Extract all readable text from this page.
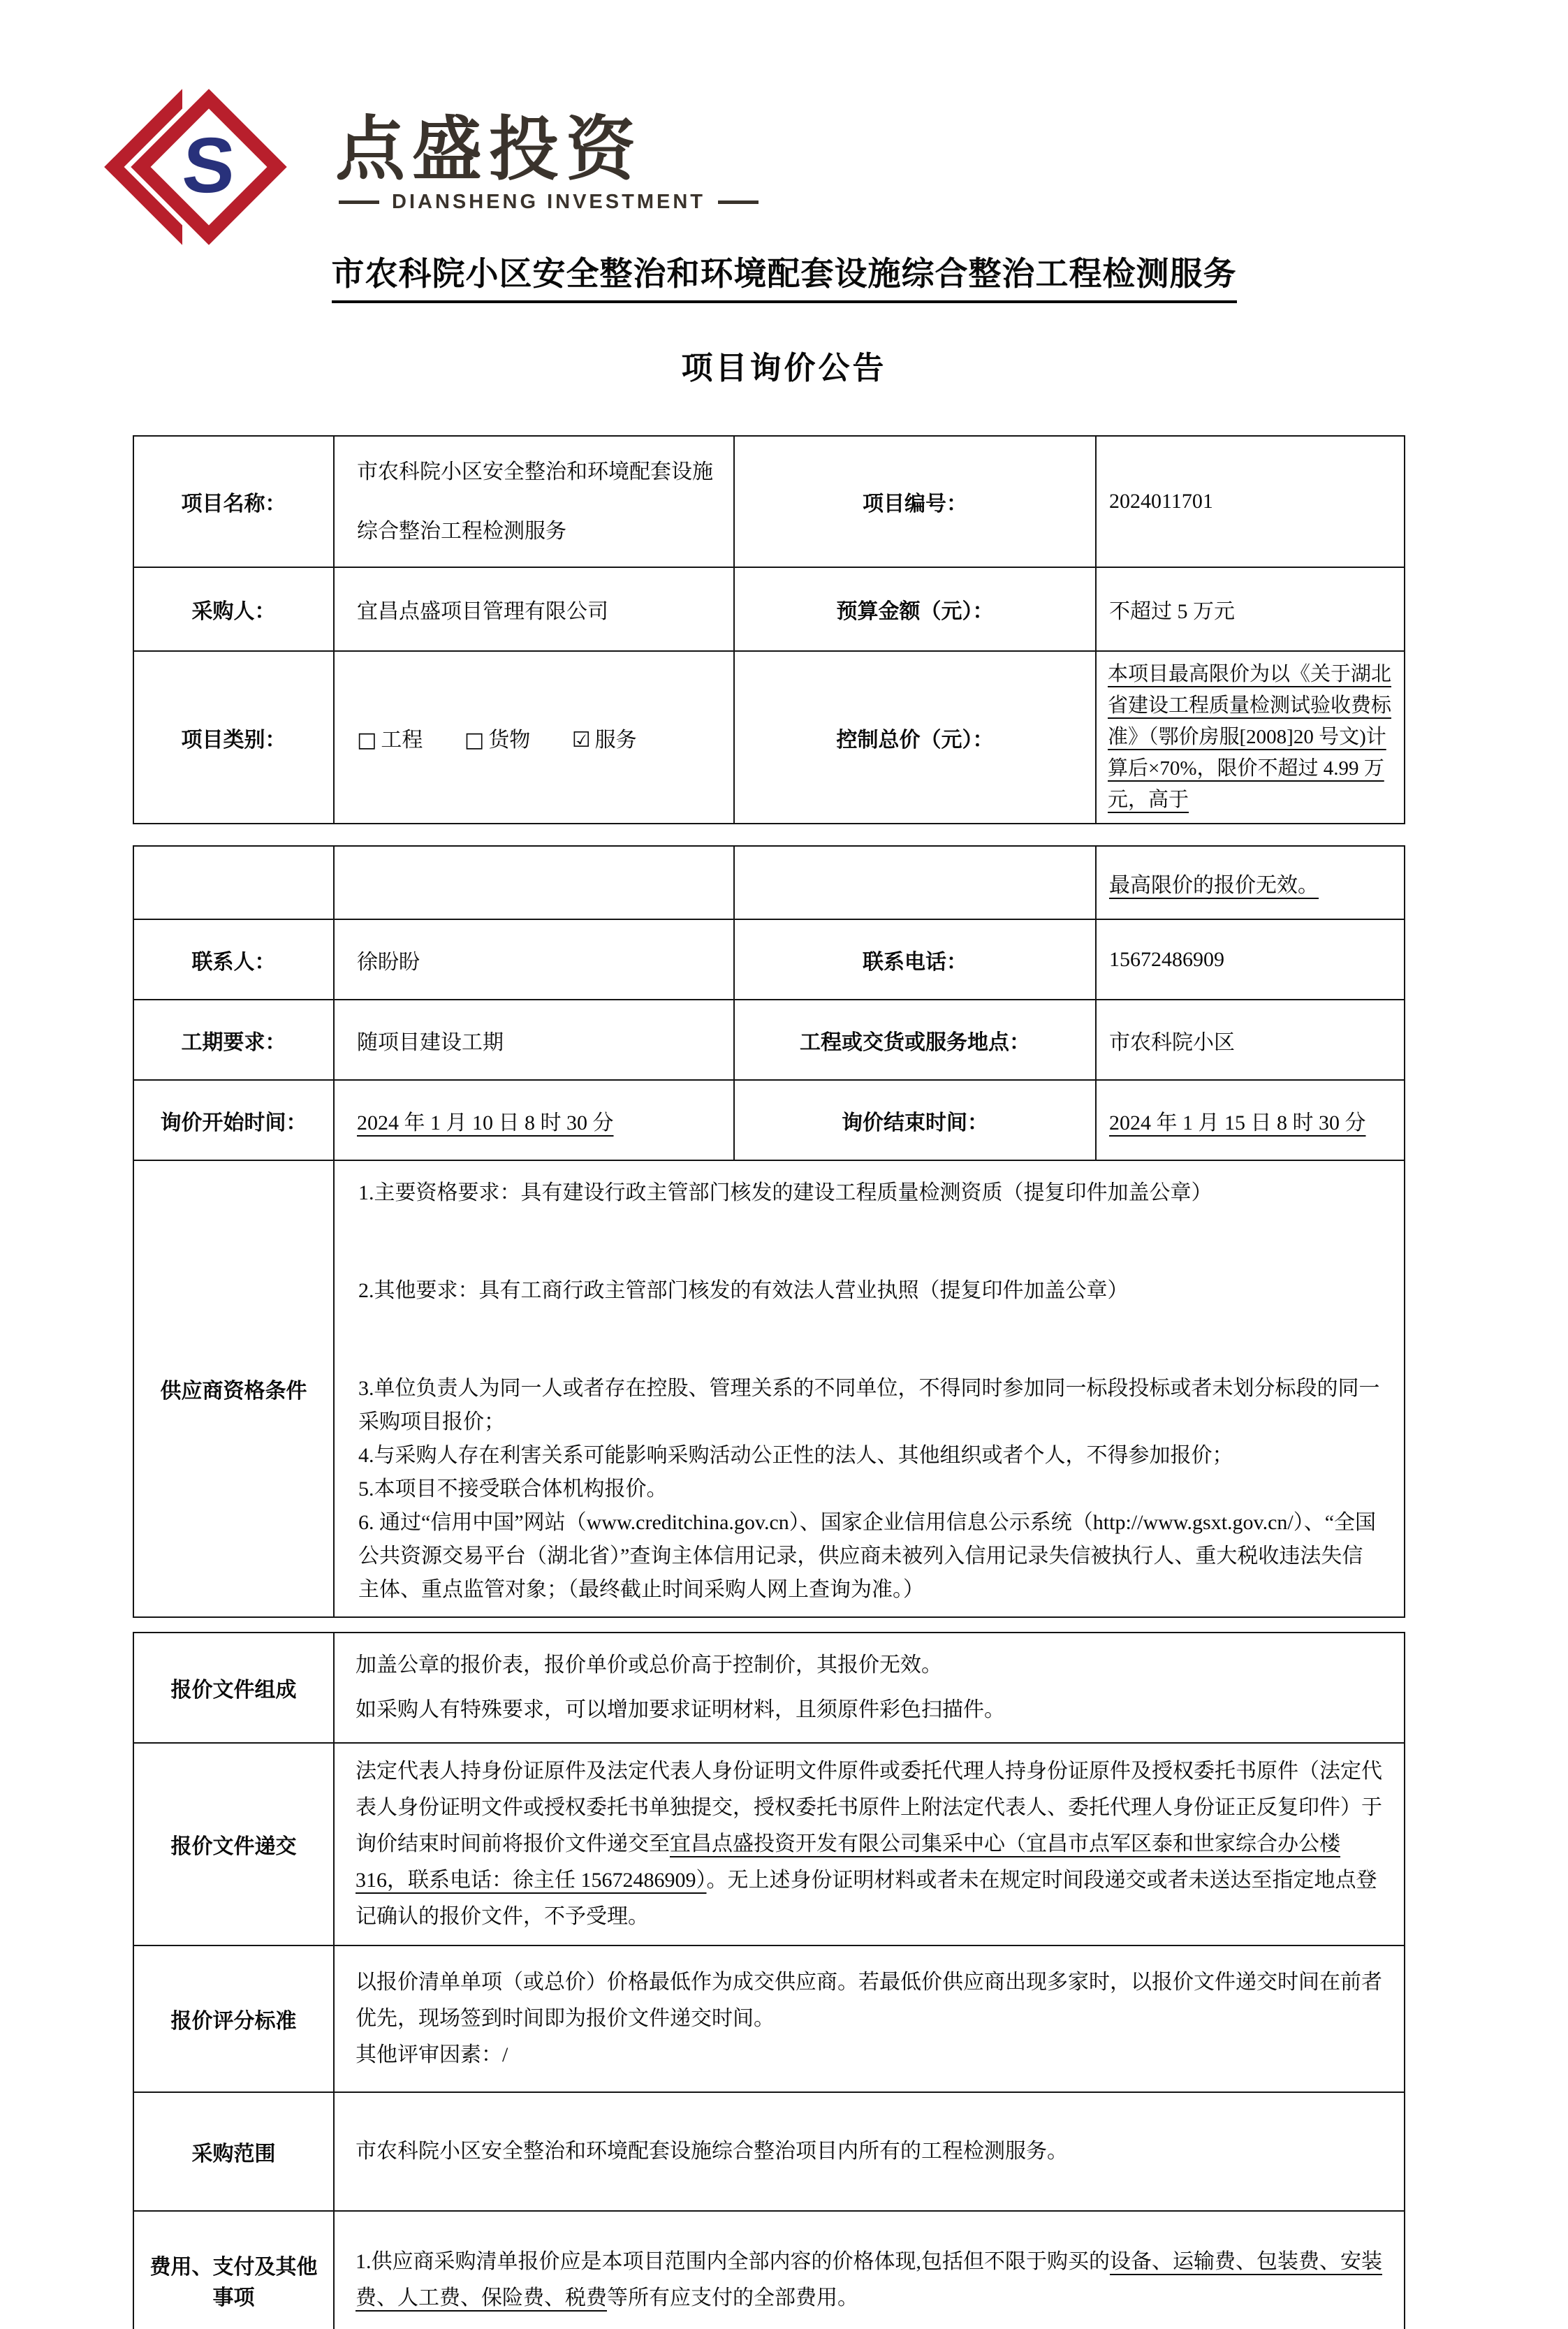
S	点盛投资
DIANSHENG INVESTMENT
市农科院小区安全整治和环境配套设施综合整治工程检测服务
项目询价公告
项目名称：	市农科院小区安全整治和环境配套设施综合整治工程检测服务	项目编号：	2024011701
采购人：	宜昌点盛项目管理有限公司	预算金额（元）：	不超过 5 万元
项目类别：	□ 工程 □ 货物 ☑ 服务	控制总价（元）：	本项目最高限价为以《关于湖北省建设工程质量检测试验收费标准》（鄂价房服[2008]20 号文)计算后×70%，限价不超过 4.99 万元，高于
			最高限价的报价无效。
联系人：	徐盼盼	联系电话：	15672486909
工期要求：	随项目建设工期	工程或交货或服务地点：	市农科院小区
询价开始时间：	2024 年 1 月 10 日 8 时 30 分	询价结束时间：	2024 年 1 月 15 日 8 时 30 分
供应商资格条件	

1.主要资格要求：具有建设行政主管部门核发的建设工程质量检测资质（提复印件加盖公章）

2.其他要求：具有工商行政主管部门核发的有效法人营业执照（提复印件加盖公章）

3.单位负责人为同一人或者存在控股、管理关系的不同单位，不得同时参加同一标段投标或者未划分标段的同一采购项目报价；

4.与采购人存在利害关系可能影响采购活动公正性的法人、其他组织或者个人，不得参加报价；

5.本项目不接受联合体机构报价。

6. 通过“信用中国”网站（www.creditchina.gov.cn）、国家企业信用信息公示系统（http://www.gsxt.gov.cn/）、“全国公共资源交易平台（湖北省）”查询主体信用记录，供应商未被列入信用记录失信被执行人、重大税收违法失信主体、重点监管对象；（最终截止时间采购人网上查询为准。）

报价文件组成	加盖公章的报价表，报价单价或总价高于控制价，其报价无效。

如采购人有特殊要求，可以增加要求证明材料，且须原件彩色扫描件。

报价文件递交	法定代表人持身份证原件及法定代表人身份证明文件原件或委托代理人持身份证原件及授权委托书原件（法定代表人身份证明文件或授权委托书单独提交，授权委托书原件上附法定代表人、委托代理人身份证正反复印件）于询价结束时间前将报价文件递交至宜昌点盛投资开发有限公司集采中心（宜昌市点军区泰和世家综合办公楼 316，联系电话：徐主任 15672486909）。无上述身份证明材料或者未在规定时间段递交或者未送达至指定地点登记确认的报价文件，不予受理。

报价评分标准	以报价清单单项（或总价）价格最低作为成交供应商。若最低价供应商出现多家时，以报价文件递交时间在前者优先，现场签到时间即为报价文件递交时间。

其他评审因素：/

采购范围	市农科院小区安全整治和环境配套设施综合整治项目内所有的工程检测服务。

费用、支付及其他事项	1.供应商采购清单报价应是本项目范围内全部内容的价格体现,包括但不限于购买的设备、运输费、包装费、安装费、人工费、保险费、税费等所有应支付的全部费用。
